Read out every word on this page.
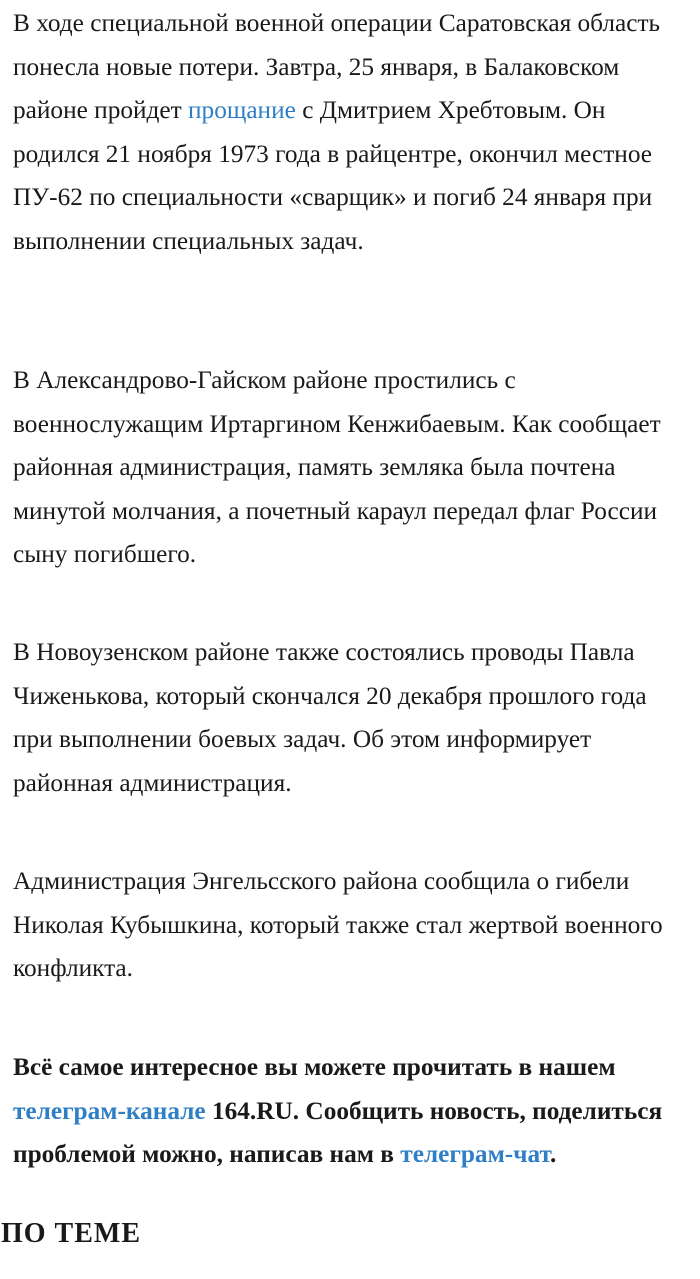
В ходе специальной военной операции Саратовская область понесла новые потери. Завтра, 25 января, в Балаковском районе пройдет прощание с Дмитрием Хребтовым. Он родился 21 ноября 1973 года в райцентре, окончил местное ПУ-62 по специальности «сварщик» и погиб 24 января при выполнении специальных задач.

В Александрово-Гайском районе простились с военнослужащим Иртаргином Кенжибаевым. Как сообщает районная администрация, память земляка была почтена минутой молчания, а почетный караул передал флаг России сыну погибшего.

В Новоузенском районе также состоялись проводы Павла Чиженькова, который скончался 20 декабря прошлого года при выполнении боевых задач. Об этом информирует районная администрация.

Администрация Энгельсского района сообщила о гибели Николая Кубышкина, который также стал жертвой военного конфликта.

Всё самое интересное вы можете прочитать в нашем телеграм-канале 164.RU. Сообщить новость, поделиться проблемой можно, написав нам в телеграм-чат.

ПО ТЕМЕ
